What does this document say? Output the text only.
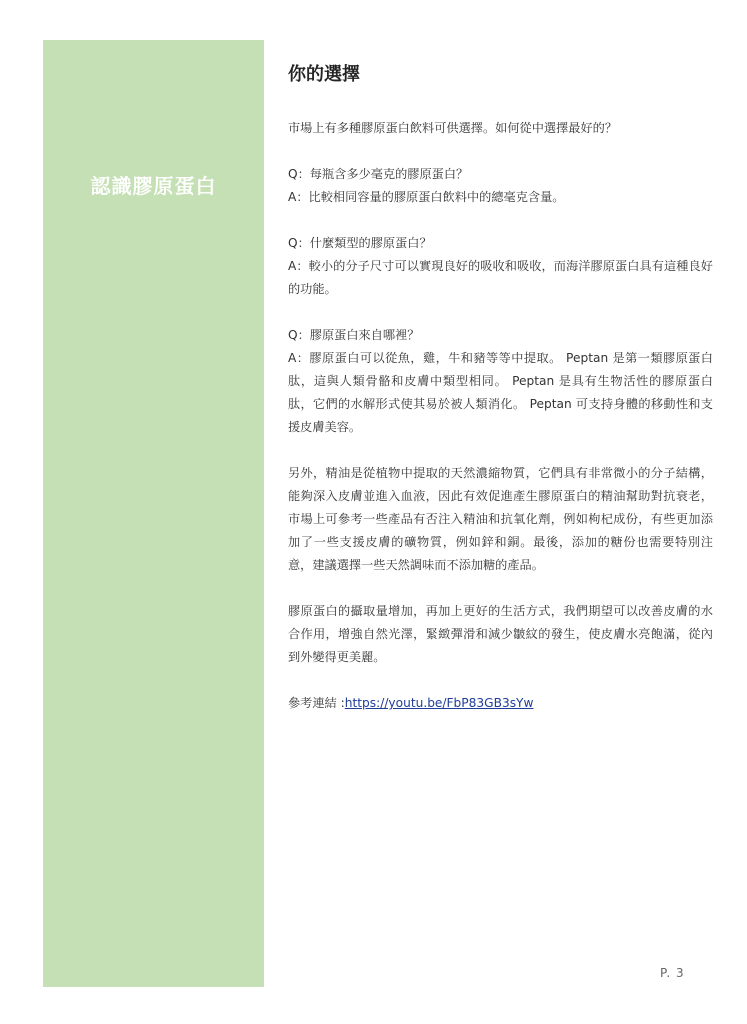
認識膠原蛋白
你的選擇

市場上有多種膠原蛋白飲料可供選擇。如何從中選擇最好的？

Q：每瓶含多少毫克的膠原蛋白？

A：比較相同容量的膠原蛋白飲料中的總毫克含量。

Q：什麼類型的膠原蛋白？

A：較小的分子尺寸可以實現良好的吸收和吸收，而海洋膠原蛋白具有這種良好的功能。

Q：膠原蛋白來自哪裡？

A：膠原蛋白可以從魚，雞，牛和豬等等中提取。 Peptan 是第一類膠原蛋白肽，這與人類骨骼和皮膚中類型相同。 Peptan 是具有生物活性的膠原蛋白肽，它們的水解形式使其易於被人類消化。 Peptan 可支持身體的移動性和支援皮膚美容。

另外，精油是從植物中提取的天然濃縮物質，它們具有非常微小的分子結構，能夠深入皮膚並進入血液，因此有效促進產生膠原蛋白的精油幫助對抗衰老，市場上可參考一些產品有否注入精油和抗氧化劑，例如枸杞成份，有些更加添加了一些支援皮膚的礦物質，例如鋅和銅。最後，添加的糖份也需要特別注意，建議選擇一些天然調味而不添加糖的產品。

膠原蛋白的攝取量增加，再加上更好的生活方式，我們期望可以改善皮膚的水合作用，增強自然光澤，緊緻彈滑和減少皺紋的發生，使皮膚水亮飽滿，從內到外變得更美麗。

參考連結 :https://youtu.be/FbP83GB3sYw

P. 3
